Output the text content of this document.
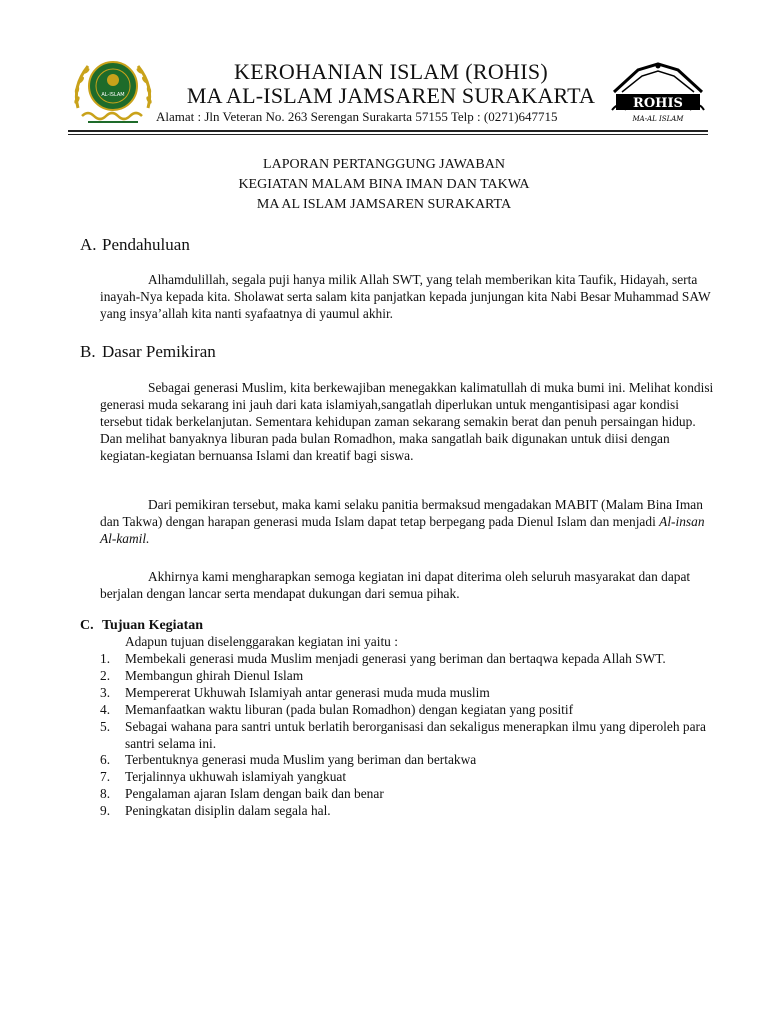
AL-ISLAM
KEROHANIAN ISLAM (ROHIS)
MA AL-ISLAM JAMSAREN SURAKARTA
Alamat : Jln Veteran No. 263 Serengan Surakarta 57155 Telp : (0271)647715
ROHIS
MA-AL ISLAM
LAPORAN PERTANGGUNG JAWABAN
KEGIATAN MALAM BINA IMAN DAN TAKWA
MA AL ISLAM JAMSAREN SURAKARTA
A. Pendahuluan
Alhamdulillah, segala puji hanya milik Allah SWT, yang telah memberikan kita Taufik, Hidayah, serta inayah-Nya kepada kita. Sholawat serta salam kita panjatkan kepada junjungan kita Nabi Besar Muhammad SAW yang insya’allah kita nanti syafaatnya di yaumul akhir.
B. Dasar Pemikiran
Sebagai generasi Muslim, kita berkewajiban menegakkan kalimatullah di muka bumi ini. Melihat kondisi generasi muda sekarang ini jauh dari kata islamiyah,sangatlah diperlukan untuk mengantisipasi agar kondisi tersebut tidak berkelanjutan. Sementara kehidupan zaman sekarang semakin berat dan penuh persaingan hidup. Dan melihat banyaknya liburan pada bulan Romadhon, maka sangatlah baik digunakan untuk diisi dengan kegiatan-kegiatan bernuansa Islami dan kreatif bagi siswa.
Dari pemikiran tersebut, maka kami selaku panitia bermaksud mengadakan MABIT (Malam Bina Iman dan Takwa) dengan harapan generasi muda Islam dapat tetap berpegang pada Dienul Islam dan menjadi Al-insan Al-kamil.
Akhirnya kami mengharapkan semoga kegiatan ini dapat diterima oleh seluruh masyarakat dan dapat berjalan dengan lancar serta mendapat dukungan dari semua pihak.
C. Tujuan Kegiatan
Adapun tujuan diselenggarakan kegiatan ini yaitu :
1. Membekali generasi muda Muslim menjadi generasi yang beriman dan bertaqwa kepada Allah SWT.
2. Membangun ghirah Dienul Islam
3. Mempererat Ukhuwah Islamiyah antar generasi muda muda muslim
4. Memanfaatkan waktu liburan (pada bulan Romadhon) dengan kegiatan yang positif
5. Sebagai wahana para santri untuk berlatih berorganisasi dan sekaligus menerapkan ilmu yang diperoleh para santri selama ini.
6. Terbentuknya generasi muda Muslim yang beriman dan bertakwa
7. Terjalinnya ukhuwah islamiyah yangkuat
8. Pengalaman ajaran Islam dengan baik dan benar
9. Peningkatan disiplin dalam segala hal.
